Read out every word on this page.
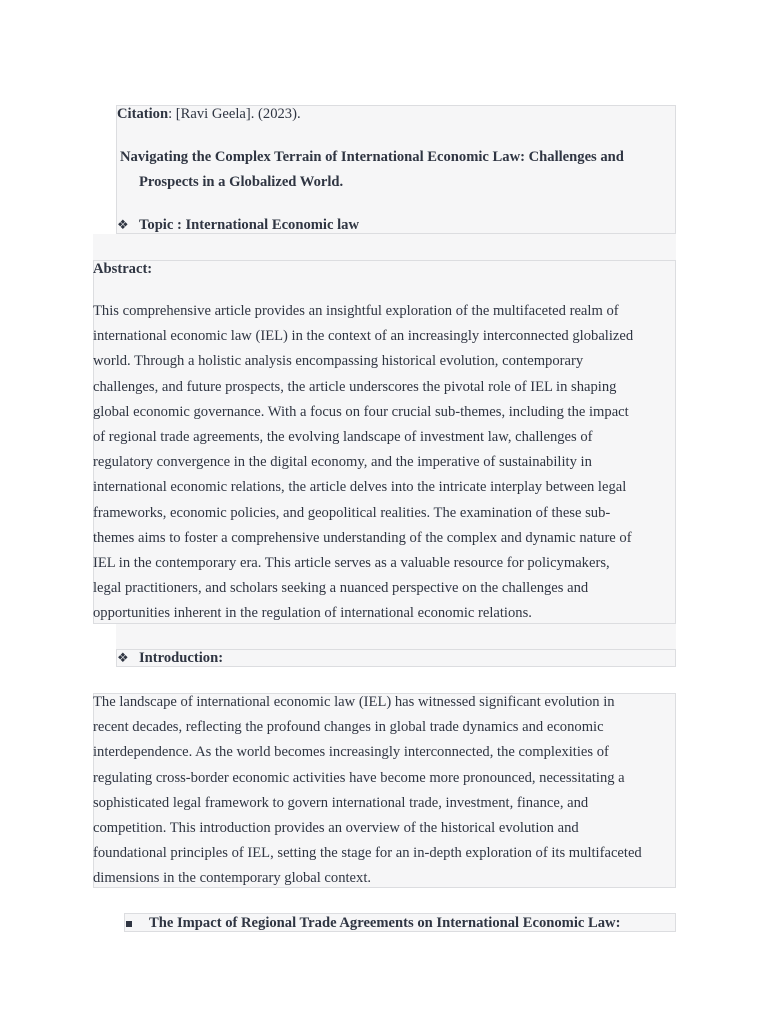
Citation: [Ravi Geela]. (2023).
Navigating the Complex Terrain of International Economic Law: Challenges and
Prospects in a Globalized World.
❖ Topic : International Economic law
Abstract:
This comprehensive article provides an insightful exploration of the multifaceted realm of
international economic law (IEL) in the context of an increasingly interconnected globalized
world. Through a holistic analysis encompassing historical evolution, contemporary
challenges, and future prospects, the article underscores the pivotal role of IEL in shaping
global economic governance. With a focus on four crucial sub-themes, including the impact
of regional trade agreements, the evolving landscape of investment law, challenges of
regulatory convergence in the digital economy, and the imperative of sustainability in
international economic relations, the article delves into the intricate interplay between legal
frameworks, economic policies, and geopolitical realities. The examination of these sub-
themes aims to foster a comprehensive understanding of the complex and dynamic nature of
IEL in the contemporary era. This article serves as a valuable resource for policymakers,
legal practitioners, and scholars seeking a nuanced perspective on the challenges and
opportunities inherent in the regulation of international economic relations.
❖ Introduction:
The landscape of international economic law (IEL) has witnessed significant evolution in
recent decades, reflecting the profound changes in global trade dynamics and economic
interdependence. As the world becomes increasingly interconnected, the complexities of
regulating cross-border economic activities have become more pronounced, necessitating a
sophisticated legal framework to govern international trade, investment, finance, and
competition. This introduction provides an overview of the historical evolution and
foundational principles of IEL, setting the stage for an in-depth exploration of its multifaceted
dimensions in the contemporary global context.
The Impact of Regional Trade Agreements on International Economic Law:
